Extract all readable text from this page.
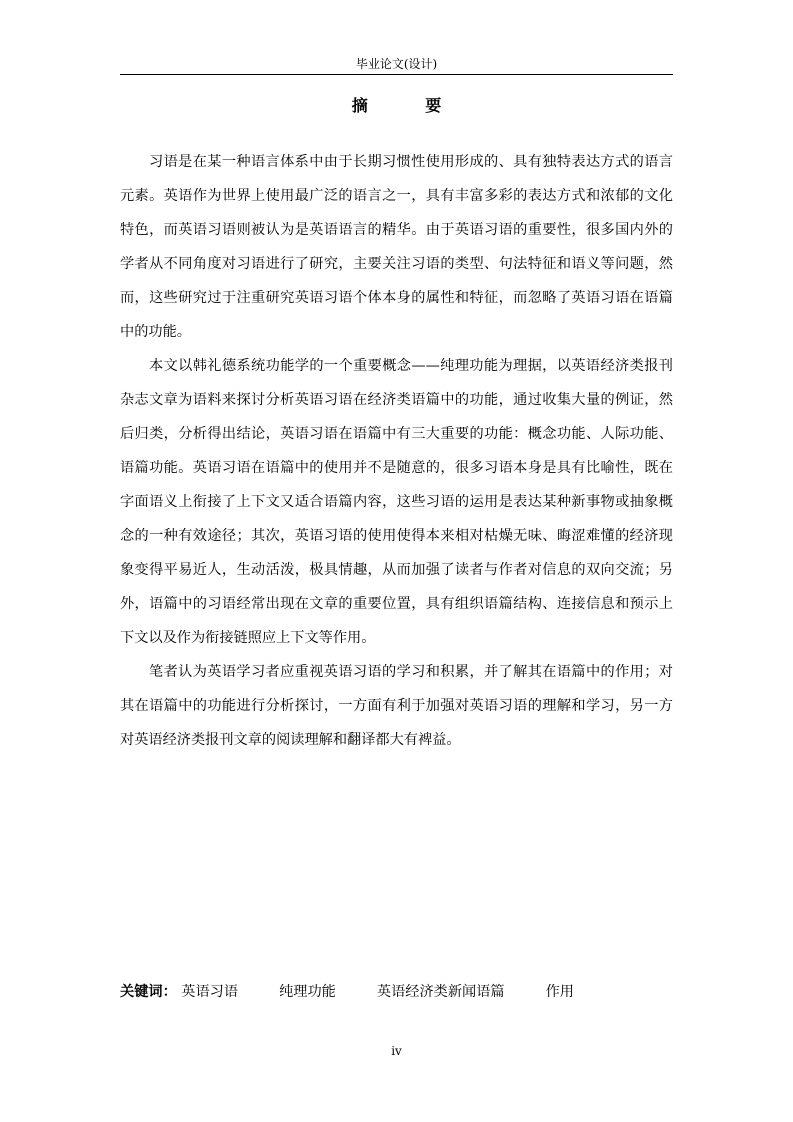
毕业论文(设计)
摘 要

习语是在某一种语言体系中由于长期习惯性使用形成的、具有独特表达方式的语言元素。英语作为世界上使用最广泛的语言之一，具有丰富多彩的表达方式和浓郁的文化特色，而英语习语则被认为是英语语言的精华。由于英语习语的重要性，很多国内外的学者从不同角度对习语进行了研究，主要关注习语的类型、句法特征和语义等问题，然而，这些研究过于注重研究英语习语个体本身的属性和特征，而忽略了英语习语在语篇中的功能。

本文以韩礼德系统功能学的一个重要概念——纯理功能为理据，以英语经济类报刊杂志文章为语料来探讨分析英语习语在经济类语篇中的功能，通过收集大量的例证，然后归类，分析得出结论，英语习语在语篇中有三大重要的功能：概念功能、人际功能、语篇功能。英语习语在语篇中的使用并不是随意的，很多习语本身是具有比喻性，既在字面语义上衔接了上下文又适合语篇内容，这些习语的运用是表达某种新事物或抽象概念的一种有效途径；其次，英语习语的使用使得本来相对枯燥无味、晦涩难懂的经济现象变得平易近人，生动活泼，极具情趣，从而加强了读者与作者对信息的双向交流；另外，语篇中的习语经常出现在文章的重要位置，具有组织语篇结构、连接信息和预示上下文以及作为衔接链照应上下文等作用。

笔者认为英语学习者应重视英语习语的学习和积累，并了解其在语篇中的作用；对其在语篇中的功能进行分析探讨，一方面有利于加强对英语习语的理解和学习，另一方对英语经济类报刊文章的阅读理解和翻译都大有裨益。

关键词： 英语习语	纯理功能	英语经济类新闻语篇	作用
iv
